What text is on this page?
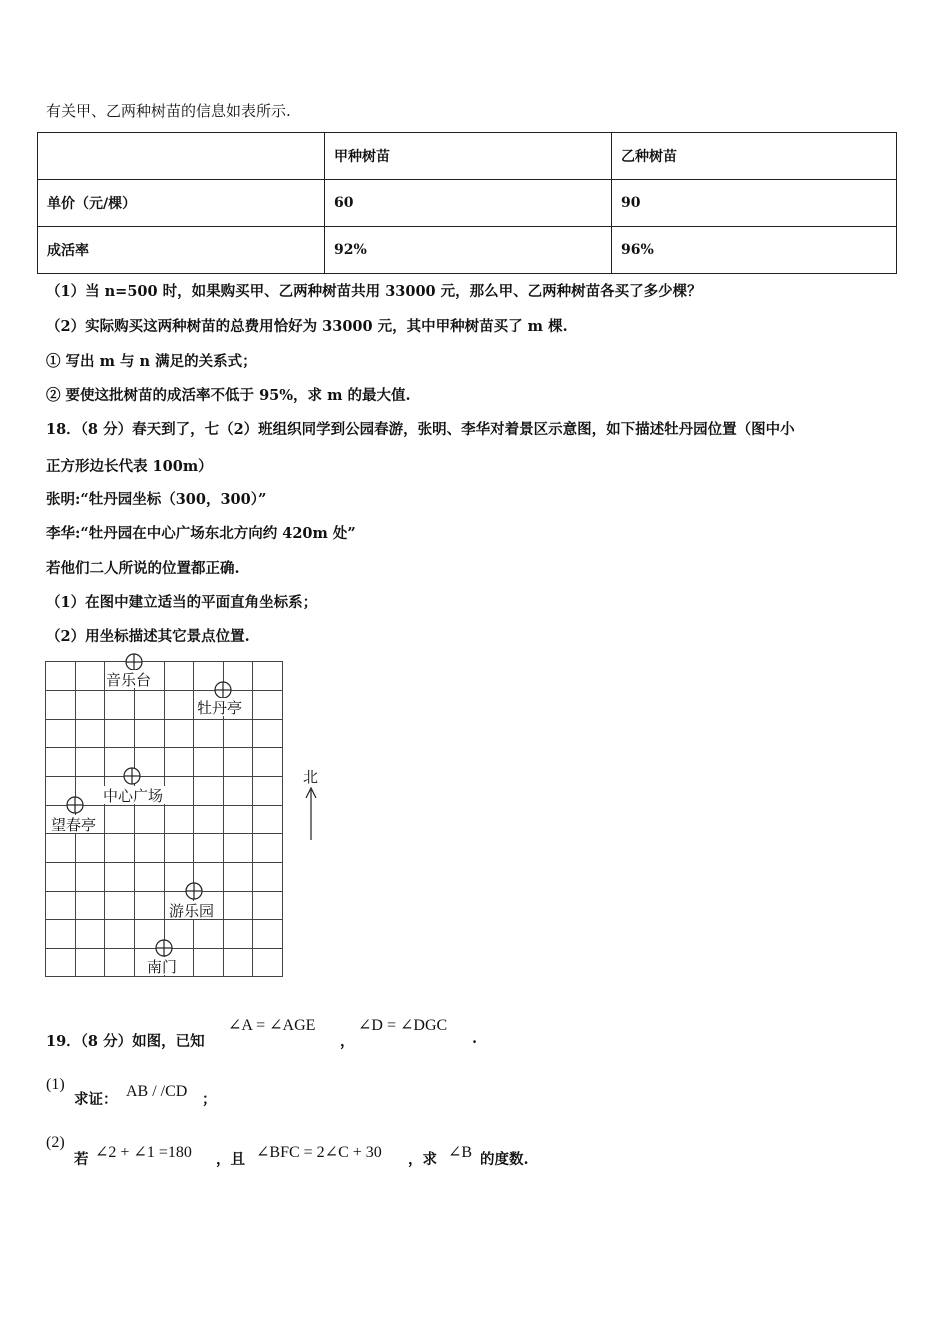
有关甲、乙两种树苗的信息如表所示.
	甲种树苗	乙种树苗
单价（元/棵）	60	90
成活率	92%	96%
（1）当 n=500 时，如果购买甲、乙两种树苗共用 33000 元，那么甲、乙两种树苗各买了多少棵？
（2）实际购买这两种树苗的总费用恰好为 33000 元，其中甲种树苗买了 m 棵.
① 写出 m 与 n 满足的关系式；
② 要使这批树苗的成活率不低于 95%，求 m 的最大值.
18．（8 分）春天到了，七（2）班组织同学到公园春游，张明、李华对着景区示意图，如下描述牡丹园位置（图中小
正方形边长代表 100m）
张明:“牡丹园坐标（300，300）”
李华:“牡丹园在中心广场东北方向约 420m 处”
若他们二人所说的位置都正确.
（1）在图中建立适当的平面直角坐标系；
（2）用坐标描述其它景点位置.
音乐台
牡丹亭
中心广场
望春亭
游乐园
南门
北
19．（8 分）如图，已知
∠A = ∠AGE
，
∠D = ∠DGC
.
(1)
求证： AB / /CD ；
(2)
若 ∠2 + ∠1 =180 ，且 ∠BFC = 2∠C + 30 ，求 ∠B 的度数.
